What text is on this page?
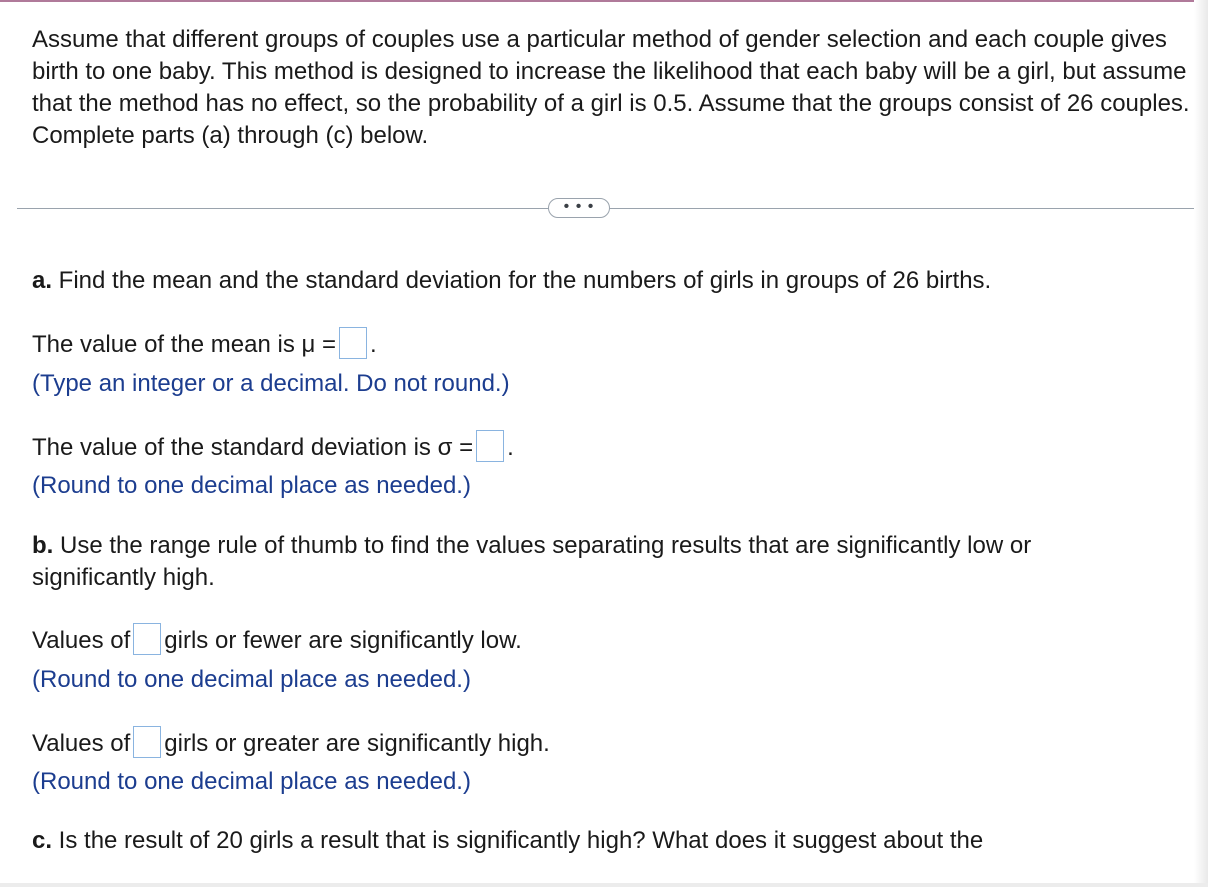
Assume that different groups of couples use a particular method of gender selection and each couple gives birth to one baby. This method is designed to increase the likelihood that each baby will be a girl, but assume that the method has no effect, so the probability of a girl is 0.5. Assume that the groups consist of 26 couples. Complete parts (a) through (c) below.

• • •

a. Find the mean and the standard deviation for the numbers of girls in groups of 26 births.

The value of the mean is μ = .

(Type an integer or a decimal. Do not round.)

The value of the standard deviation is σ = .

(Round to one decimal place as needed.)

b. Use the range rule of thumb to find the values separating results that are significantly low or

significantly high.

Values of girls or fewer are significantly low.

(Round to one decimal place as needed.)

Values of girls or greater are significantly high.

(Round to one decimal place as needed.)

c. Is the result of 20 girls a result that is significantly high? What does it suggest about the
